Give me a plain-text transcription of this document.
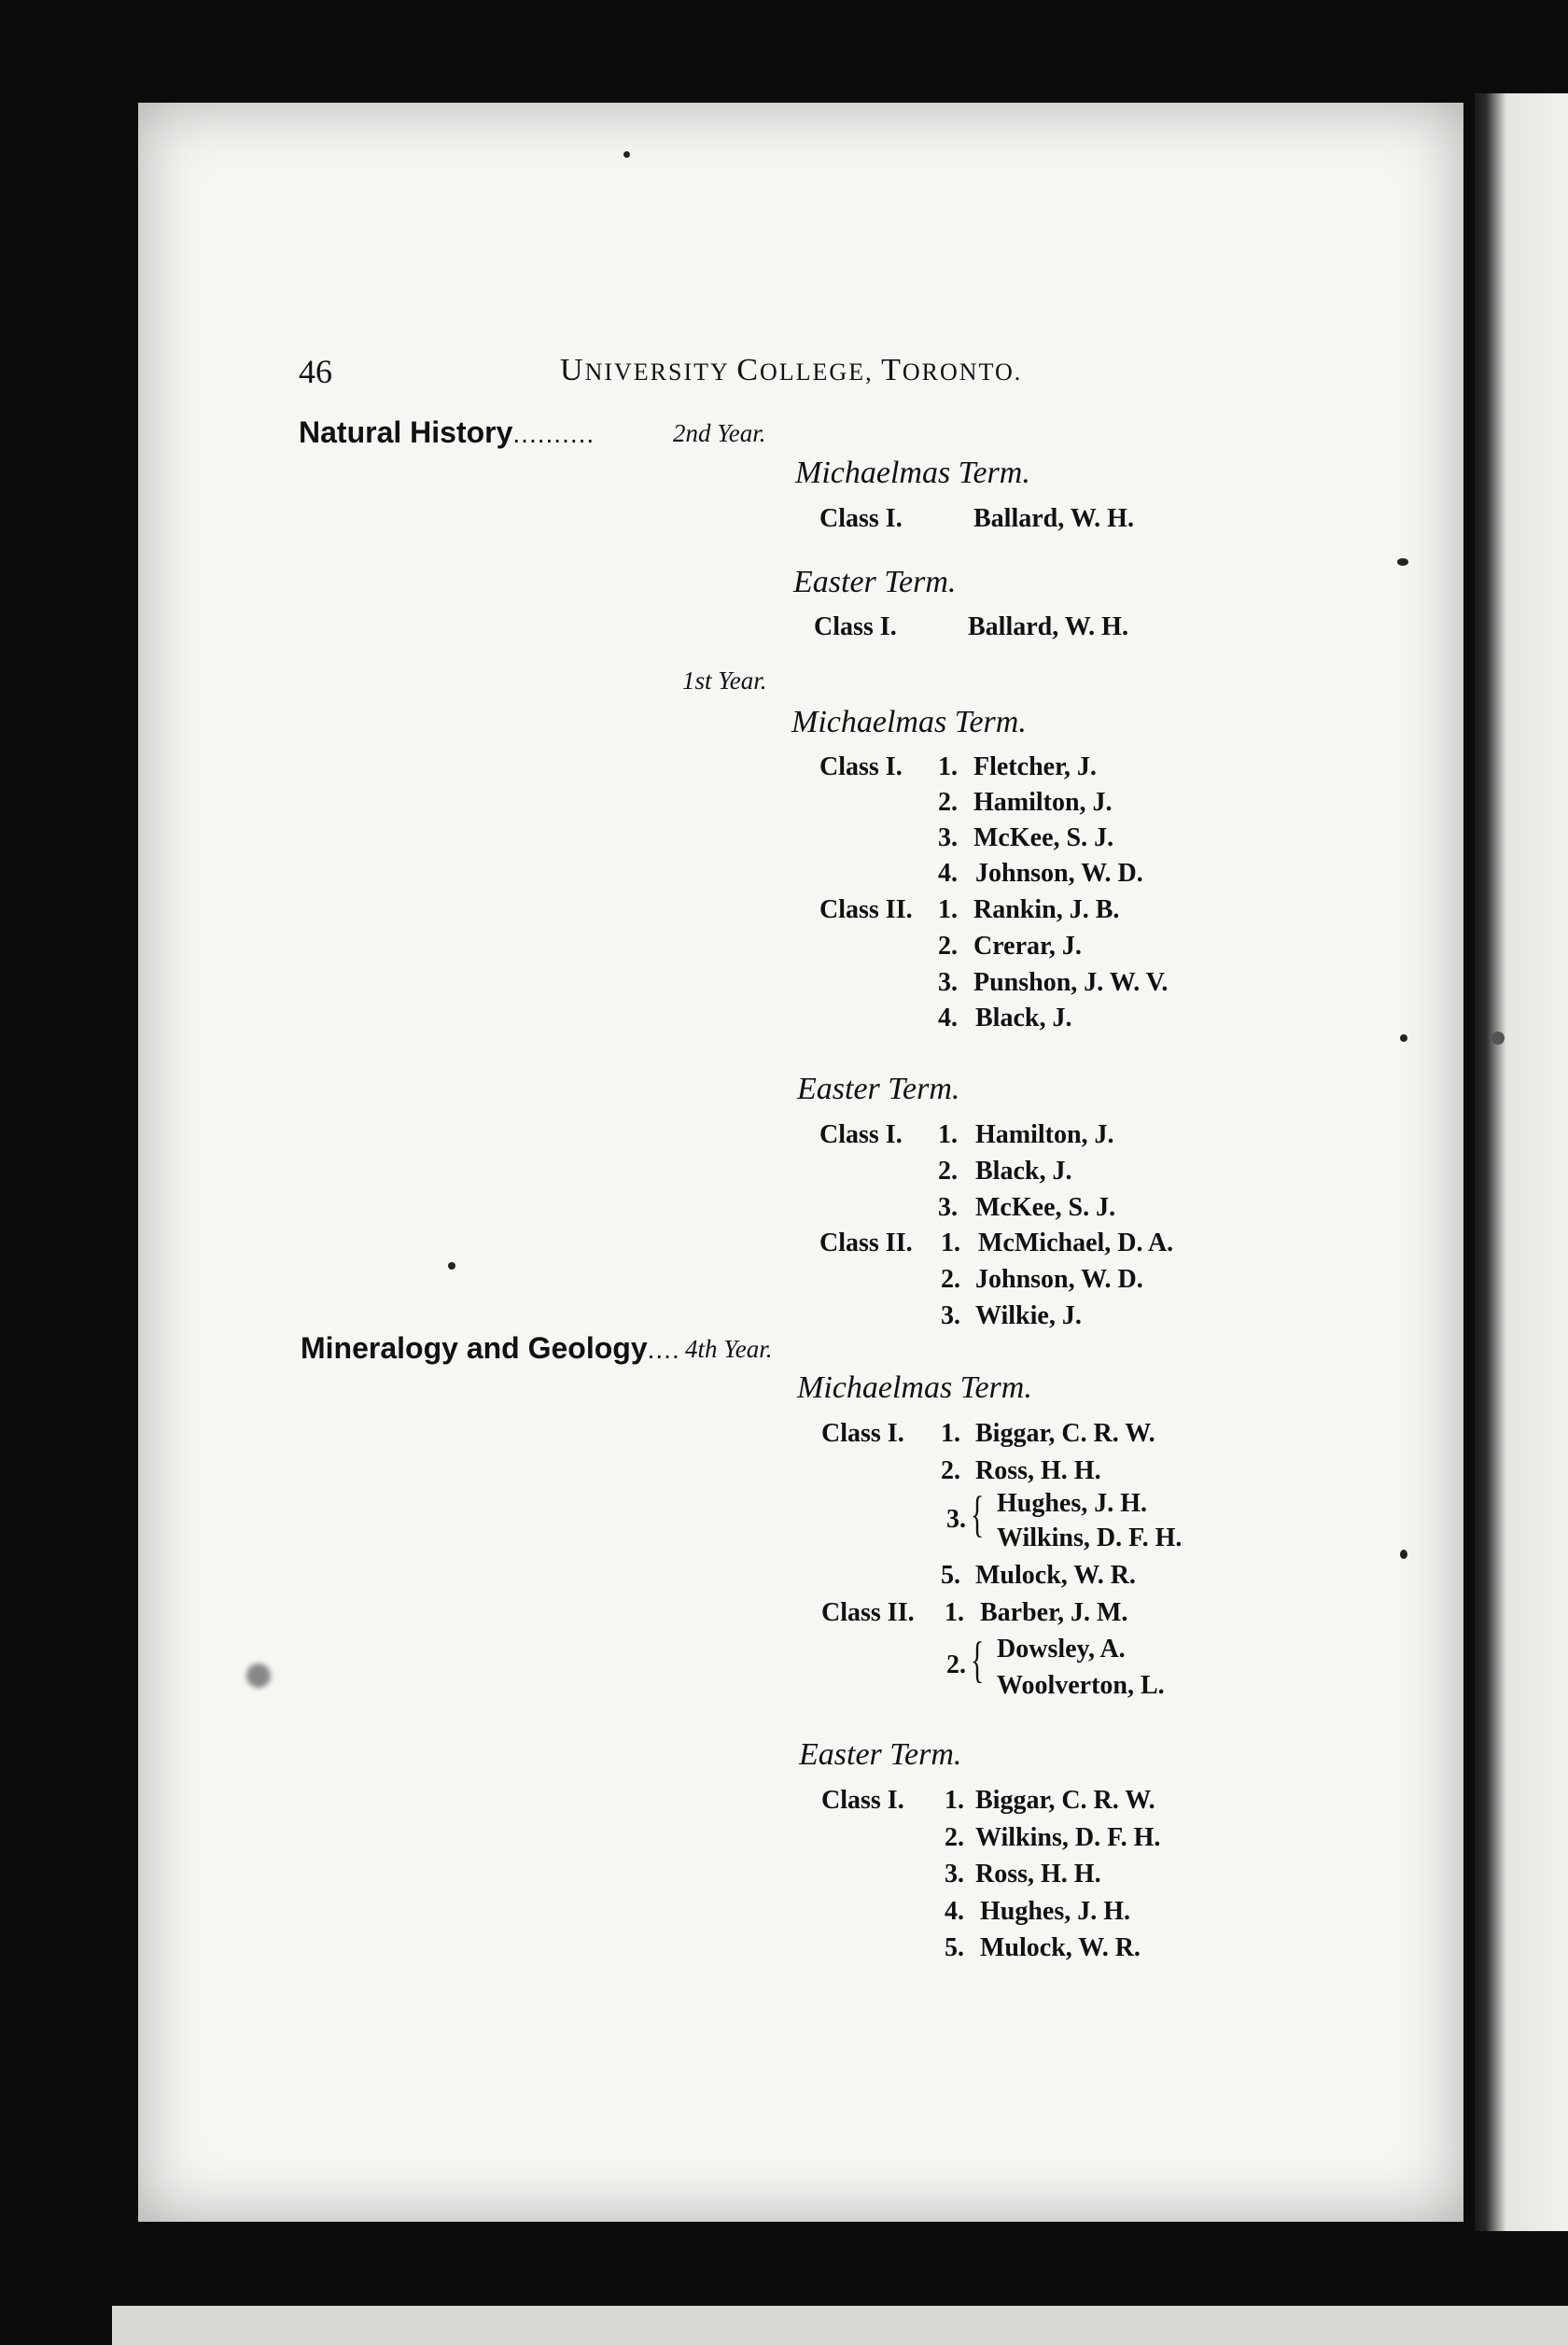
46	UNIVERSITY COLLEGE, TORONTO.
Natural History..........	2nd Year.
Michaelmas Term.
Class I.	Ballard, W. H.
Easter Term.
Class I.	Ballard, W. H.
1st Year.
Michaelmas Term.
Class I. 1. Fletcher, J.
2. Hamilton, J.
3. McKee, S. J.
4. Johnson, W. D.
Class II. 1. Rankin, J. B.
2. Crerar, J.
3. Punshon, J. W. V.
4. Black, J.
Easter Term.
Class I. 1. Hamilton, J.
2. Black, J.
3. McKee, S. J.
Class II. 1. McMichael, D. A.
2. Johnson, W. D.
3. Wilkie, J.
Mineralogy and Geology.... 4th Year.
Michaelmas Term.
Class I. 1. Biggar, C. R. W.
2. Ross, H. H.
3. { Hughes, J. H.
Wilkins, D. F. H.
5. Mulock, W. R.
Class II. 1. Barber, J. M.
2. { Dowsley, A.
Woolverton, L.
Easter Term.
Class I. 1. Biggar, C. R. W.
2. Wilkins, D. F. H.
3. Ross, H. H.
4. Hughes, J. H.
5. Mulock, W. R.
